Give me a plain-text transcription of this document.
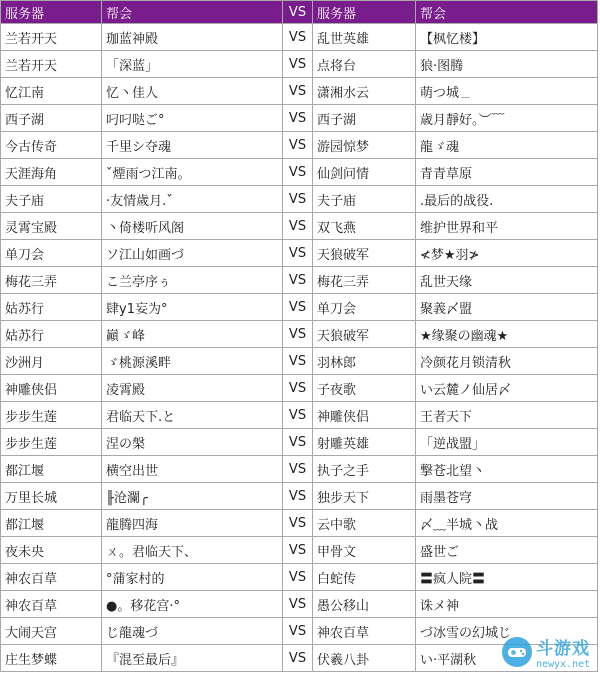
服务器	帮会	VS	服务器	帮会
兰若开天	珈蓝神殿	VS	乱世英雄	【枫忆楼】
兰若开天	「深蓝」	VS	点将台	狼·图腾
忆江南	忆丶佳人	VS	潇湘水云	萌つ城﹍
西子湖	叼叼哒ご°	VS	西子湖	歳月靜好。︶﹋
今古传奇	千里シ夺魂	VS	游园惊梦	龍ゞ魂
天涯海角	ˇ煙雨つ江南。	VS	仙剑问情	青青草原
夫子庙	·友情歲月.ˇ	VS	夫子庙	.最后的战役.
灵霄宝殿	丶倚楼听风阁	VS	双飞燕	维护世界和平
单刀会	ソ江山如画づ	VS	天狼破军	≮梦★羽≯
梅花三弄	こ兰亭序ぅ	VS	梅花三弄	乱世天缘
姑苏行	肆у1妄为°	VS	单刀会	聚義〆盟
姑苏行	巓ゞ峰	VS	天狼破军	★缘聚の幽魂★
沙洲月	ゞ桃源溪畔	VS	羽林郎	冷颜花月锁清秋
神雕侠侣	凌霄殿	VS	子夜歌	い云麓ノ仙居〆
步步生莲	君临天下.と	VS	神雕侠侣	王者天下
步步生莲	涅の槃	VS	射雕英雄	「逆战盟」
都江堰	横空出世	VS	执子之手	撃苍北望丶
万里长城	╟沧瀾╭	VS	独步天下	雨墨苍穹
都江堰	龍腾四海	VS	云中歌	〆﹏半城丶战
夜未央	ㄨ。君临天下、	VS	甲骨文	盛世ご
神农百草	°蒲家村的	VS	白蛇传	〓疯人院〓
神农百草	●。移花宫·°	VS	愚公移山	诛メ神
大闹天宫	じ龍魂づ	VS	神农百草	づ冰雪の幻城じ
庄生梦蝶	『混至最后』	VS	伏羲八卦	い·平湖秋
斗游戏
newyx.net
